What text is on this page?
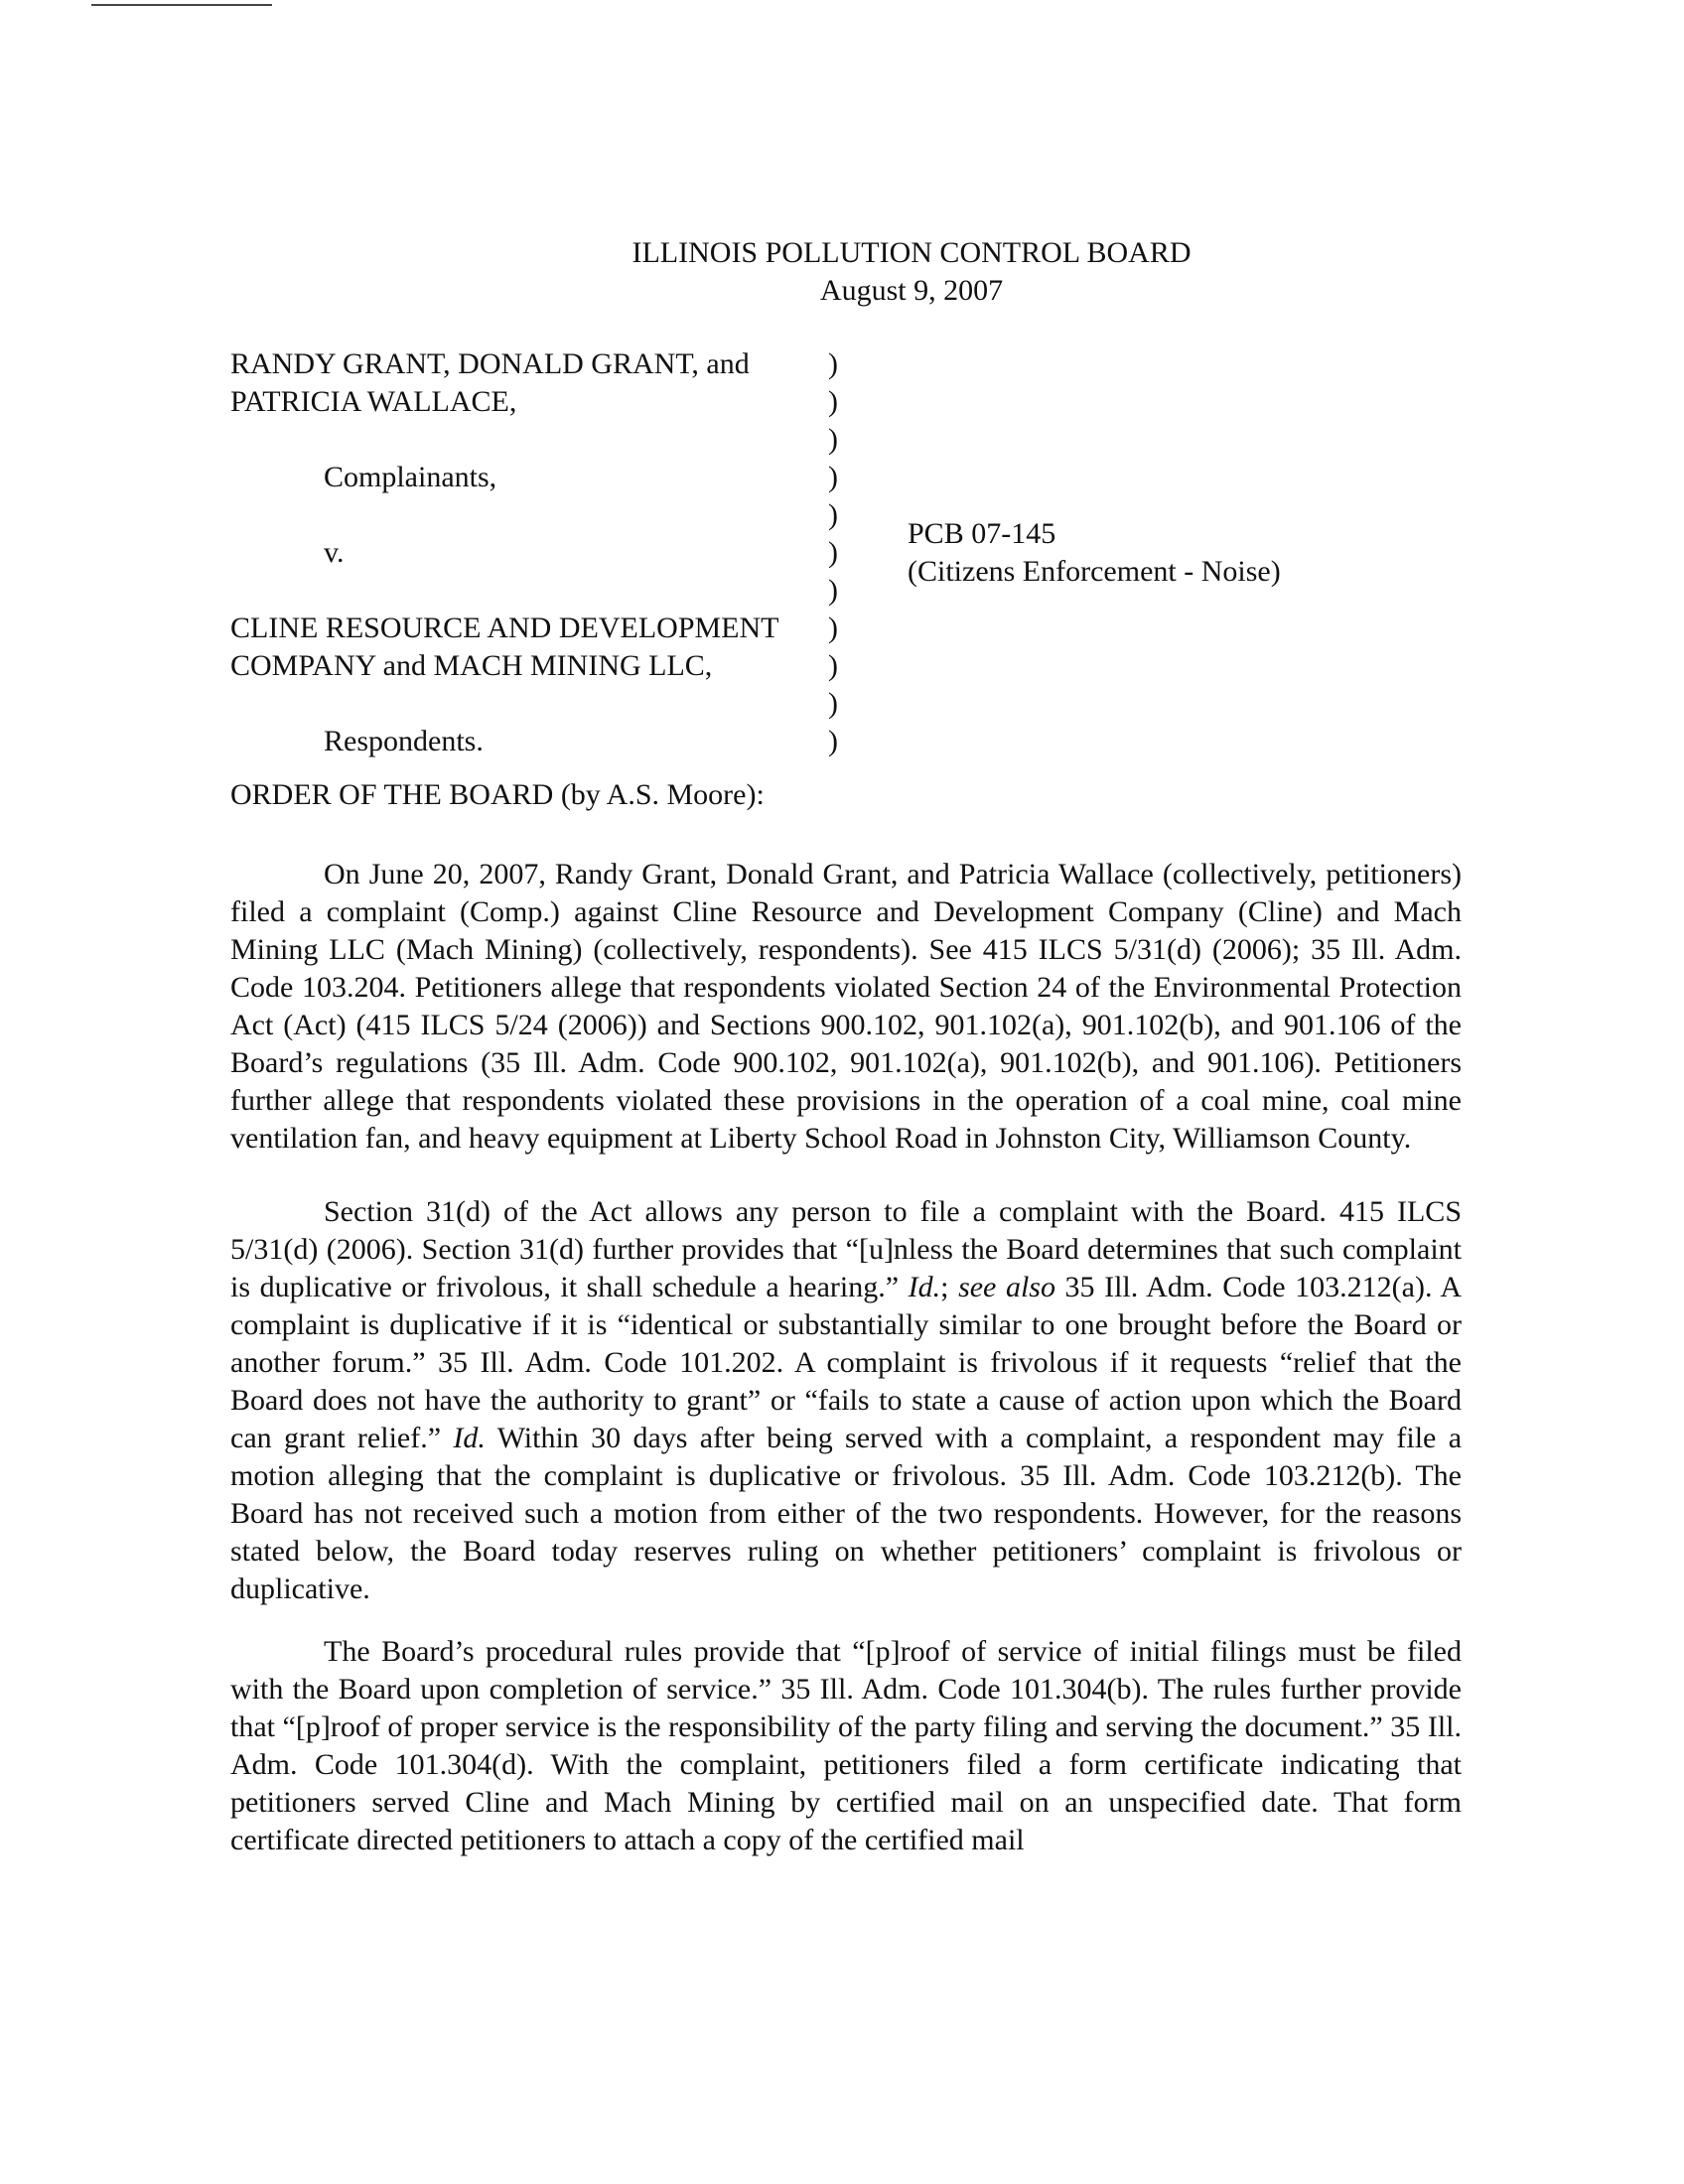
ILLINOIS POLLUTION CONTROL BOARD
August 9, 2007
RANDY GRANT, DONALD GRANT, and
PATRICIA WALLACE,
Complainants,
v.
CLINE RESOURCE AND DEVELOPMENT
COMPANY and MACH MINING LLC,
Respondents.
)
)
)
)
)
)
)
)
)
)
)
PCB 07-145
(Citizens Enforcement - Noise)
ORDER OF THE BOARD (by A.S. Moore):

On June 20, 2007, Randy Grant, Donald Grant, and Patricia Wallace (collectively, petitioners) filed a complaint (Comp.) against Cline Resource and Development Company (Cline) and Mach Mining LLC (Mach Mining) (collectively, respondents). See 415 ILCS 5/31(d) (2006); 35 Ill. Adm. Code 103.204. Petitioners allege that respondents violated Section 24 of the Environmental Protection Act (Act) (415 ILCS 5/24 (2006)) and Sections 900.102, 901.102(a), 901.102(b), and 901.106 of the Board’s regulations (35 Ill. Adm. Code 900.102, 901.102(a), 901.102(b), and 901.106). Petitioners further allege that respondents violated these provisions in the operation of a coal mine, coal mine ventilation fan, and heavy equipment at Liberty School Road in Johnston City, Williamson County.

Section 31(d) of the Act allows any person to file a complaint with the Board. 415 ILCS 5/31(d) (2006). Section 31(d) further provides that “[u]nless the Board determines that such complaint is duplicative or frivolous, it shall schedule a hearing.” Id.; see also 35 Ill. Adm. Code 103.212(a). A complaint is duplicative if it is “identical or substantially similar to one brought before the Board or another forum.” 35 Ill. Adm. Code 101.202. A complaint is frivolous if it requests “relief that the Board does not have the authority to grant” or “fails to state a cause of action upon which the Board can grant relief.” Id. Within 30 days after being served with a complaint, a respondent may file a motion alleging that the complaint is duplicative or frivolous. 35 Ill. Adm. Code 103.212(b). The Board has not received such a motion from either of the two respondents. However, for the reasons stated below, the Board today reserves ruling on whether petitioners’ complaint is frivolous or duplicative.

The Board’s procedural rules provide that “[p]roof of service of initial filings must be filed with the Board upon completion of service.” 35 Ill. Adm. Code 101.304(b). The rules further provide that “[p]roof of proper service is the responsibility of the party filing and serving the document.” 35 Ill. Adm. Code 101.304(d). With the complaint, petitioners filed a form certificate indicating that petitioners served Cline and Mach Mining by certified mail on an unspecified date. That form certificate directed petitioners to attach a copy of the certified mail
